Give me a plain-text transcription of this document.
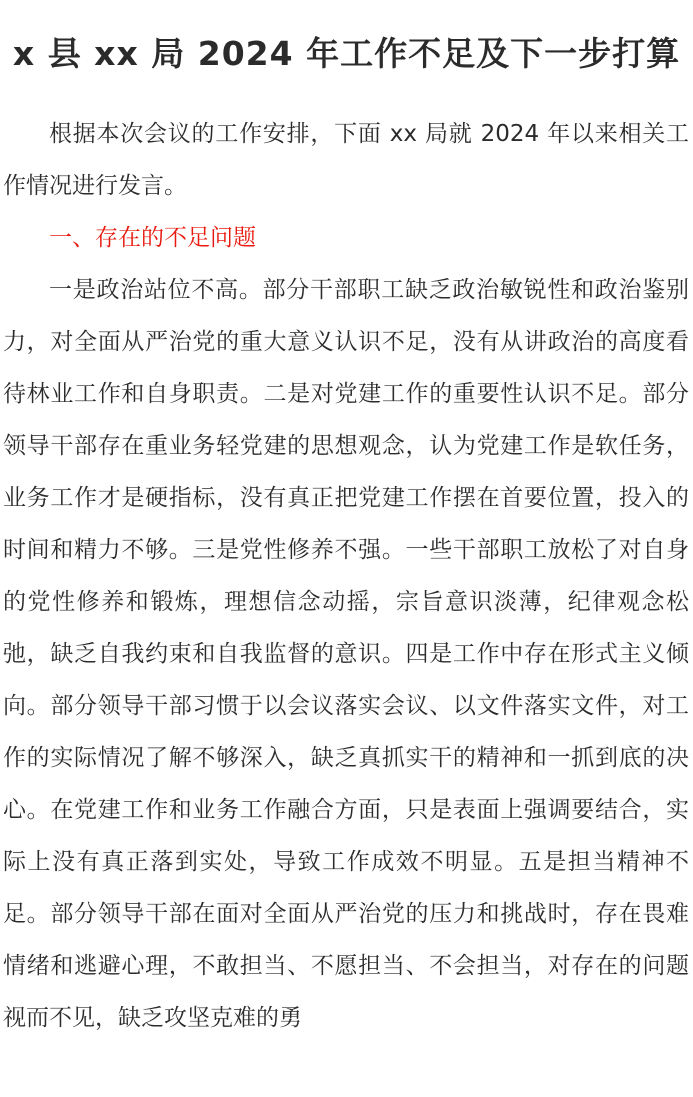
x 县 xx 局 2024 年工作不足及下一步打算

根据本次会议的工作安排，下面 xx 局就 2024 年以来相关工作情况进行发言。

一、存在的不足问题

一是政治站位不高。部分干部职工缺乏政治敏锐性和政治鉴别力，对全面从严治党的重大意义认识不足，没有从讲政治的高度看待林业工作和自身职责。二是对党建工作的重要性认识不足。部分领导干部存在重业务轻党建的思想观念，认为党建工作是软任务，业务工作才是硬指标，没有真正把党建工作摆在首要位置，投入的时间和精力不够。三是党性修养不强。一些干部职工放松了对自身的党性修养和锻炼，理想信念动摇，宗旨意识淡薄，纪律观念松弛，缺乏自我约束和自我监督的意识。四是工作中存在形式主义倾向。部分领导干部习惯于以会议落实会议、以文件落实文件，对工作的实际情况了解不够深入，缺乏真抓实干的精神和一抓到底的决心。在党建工作和业务工作融合方面，只是表面上强调要结合，实际上没有真正落到实处，导致工作成效不明显。五是担当精神不足。部分领导干部在面对全面从严治党的压力和挑战时，存在畏难情绪和逃避心理，不敢担当、不愿担当、不会担当，对存在的问题视而不见，缺乏攻坚克难的勇
